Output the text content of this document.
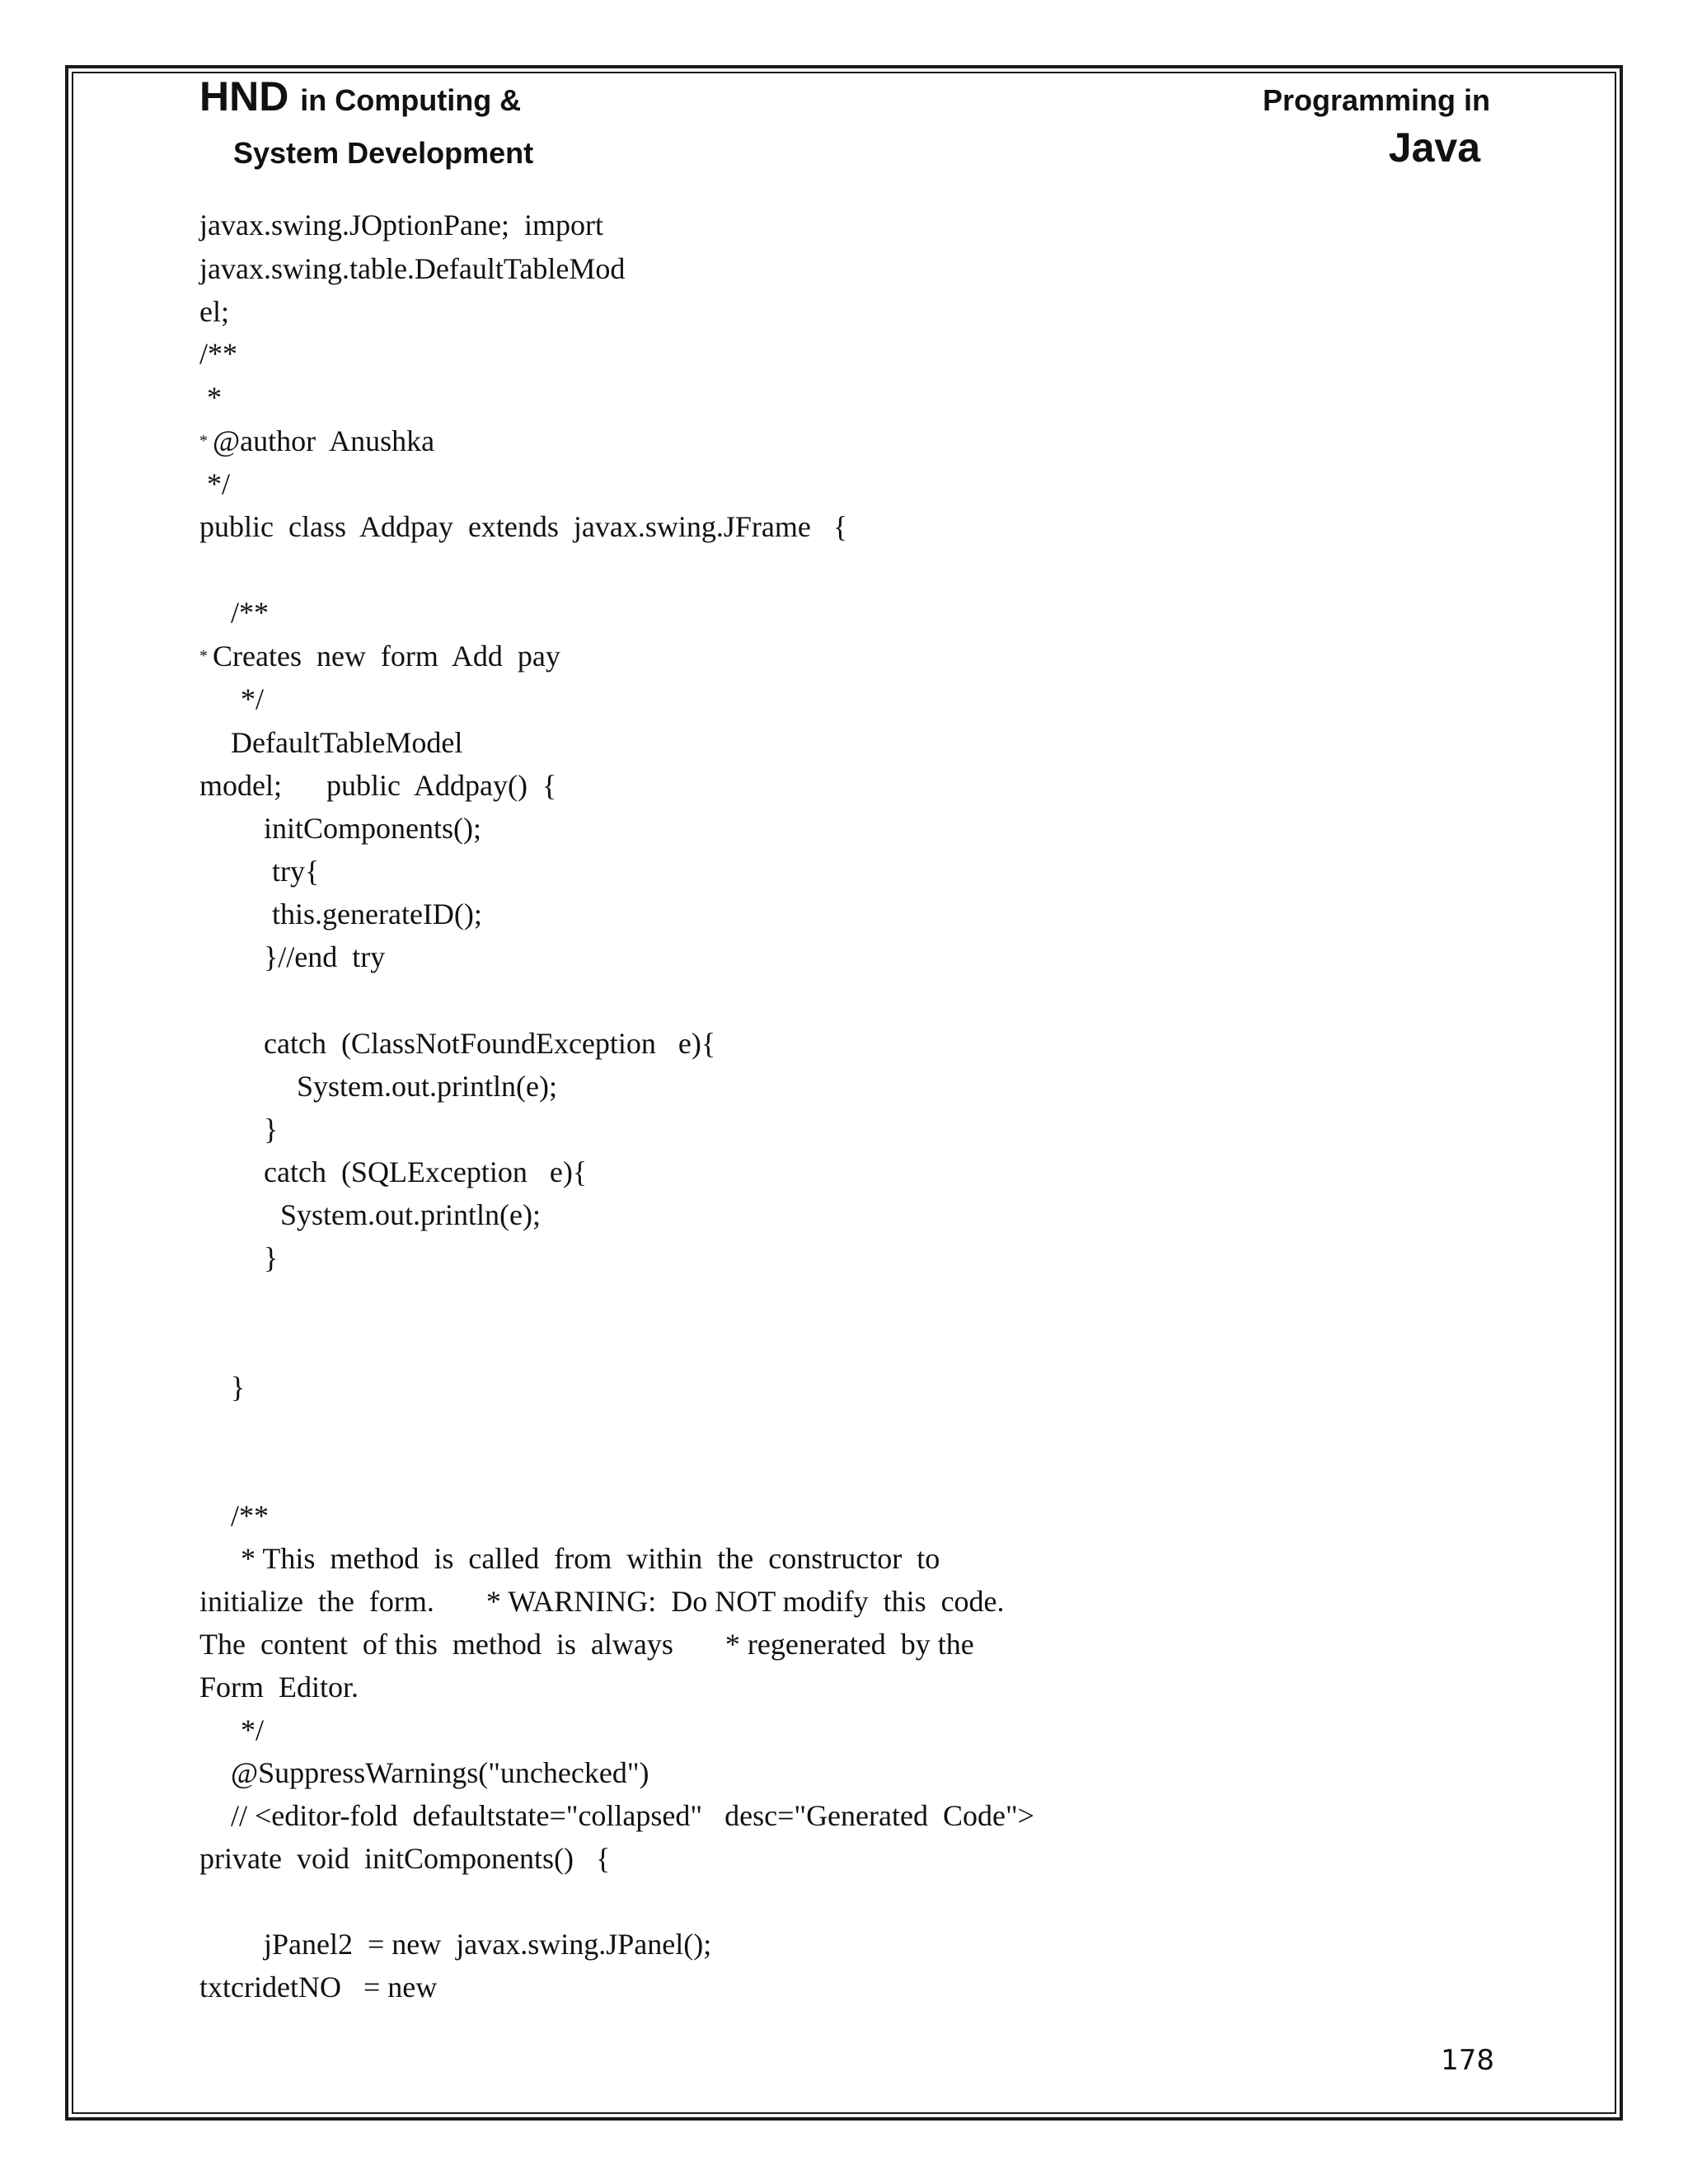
HND in Computing &
System Development
Programming in
Java
javax.swing.JOptionPane;  import
javax.swing.table.DefaultTableMod
el;
/**
*
* @author  Anushka
*/
public  class  Addpay  extends  javax.swing.JFrame   {
/**
* Creates  new  form  Add  pay
*/
DefaultTableModel
model;      public  Addpay()  {
initComponents();
try{
this.generateID();
}//end  try
catch  (ClassNotFoundException   e){
System.out.println(e);
}
catch  (SQLException   e){
System.out.println(e);
}
}
/**
* This  method  is  called  from  within  the  constructor  to
initialize  the  form.       * WARNING:  Do NOT modify  this  code.
The  content  of this  method  is  always       * regenerated  by the
Form  Editor.
*/
@SuppressWarnings("unchecked")
// <editor-fold  defaultstate="collapsed"   desc="Generated  Code">
private  void  initComponents()   {
jPanel2  = new  javax.swing.JPanel();
txtcridetNO   = new
178
